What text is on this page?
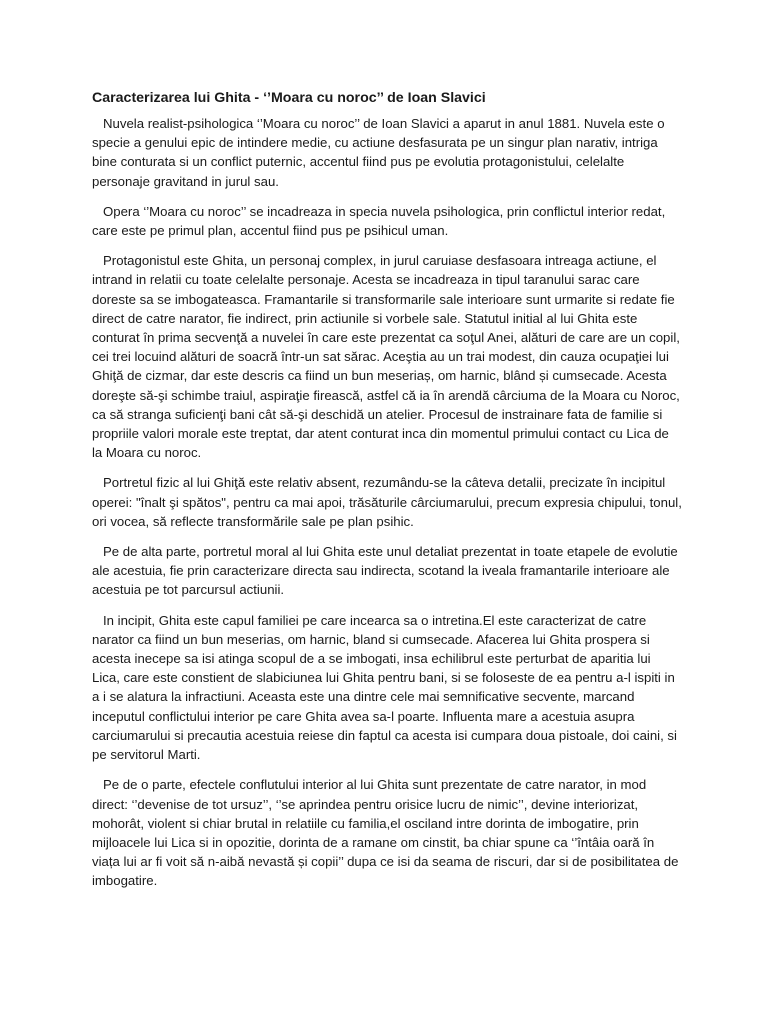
Caracterizarea lui Ghita - ‘’Moara cu noroc’’ de Ioan Slavici
Nuvela realist-psihologica ‘’Moara cu noroc’’ de Ioan Slavici a aparut in anul 1881. Nuvela este o specie a genului epic de intindere medie, cu actiune desfasurata pe un singur plan narativ, intriga bine conturata si un conflict puternic, accentul fiind pus pe evolutia protagonistului, celelalte personaje gravitand in jurul sau.
Opera ‘’Moara cu noroc’’ se incadreaza in specia nuvela psihologica, prin conflictul interior redat,  care este pe primul plan, accentul fiind pus pe psihicul uman.
Protagonistul este Ghita, un personaj complex, in jurul caruiase desfasoara intreaga actiune, el intrand in relatii cu toate celelalte personaje. Acesta se incadreaza in tipul taranului sarac care doreste sa se imbogateasca. Framantarile si transformarile sale interioare sunt urmarite si redate fie direct de catre narator, fie indirect, prin actiunile si vorbele sale. Statutul initial al lui Ghita este conturat în prima secvenţă a nuvelei în care este prezentat ca soţul Anei, alături de care are un copil, cei trei locuind alături de soacră într-un sat sărac. Aceştia au un trai modest, din cauza ocupaţiei lui Ghiţă de cizmar, dar este descris ca fiind un bun meseriaș, om harnic, blând și cumsecade. Acesta doreşte să-şi schimbe traiul, aspiraţie firească, astfel că ia în arendă cârciuma de la Moara cu Noroc, ca să stranga suficienţi bani cât să-şi deschidă un atelier. Procesul de instrainare fata de familie si propriile valori morale este treptat, dar atent conturat inca din momentul primului contact cu Lica de la Moara cu noroc.
Portretul fizic al lui Ghiţă este relativ absent, rezumându-se la câteva detalii, precizate în incipitul operei: "înalt şi spătos", pentru ca mai apoi, trăsăturile cârciumarului, precum expresia chipului, tonul, ori vocea, să reflecte transformările sale pe plan psihic.
Pe de alta parte, portretul moral al lui Ghita este unul detaliat prezentat in toate etapele de evolutie ale acestuia, fie prin caracterizare directa sau indirecta, scotand la iveala framantarile interioare ale acestuia pe tot parcursul actiunii.
In incipit, Ghita este capul familiei pe care incearca sa o intretina.El este caracterizat de catre narator ca fiind un bun meserias, om harnic, bland si cumsecade. Afacerea lui Ghita prospera si acesta inecepe sa isi atinga scopul de a se imbogati, insa echilibrul este perturbat de aparitia lui Lica, care este constient de slabiciunea lui Ghita pentru bani, si se foloseste de ea pentru a-l ispiti in a i se alatura la infractiuni. Aceasta este una dintre cele mai semnificative secvente, marcand inceputul conflictului interior pe care Ghita avea sa-l poarte. Influenta mare a acestuia asupra carciumarului si precautia acestuia reiese din faptul ca acesta isi cumpara doua pistoale, doi caini, si pe servitorul Marti.
Pe de o parte, efectele conflutului interior al lui Ghita sunt prezentate de catre narator, in mod direct: ‘’devenise de tot ursuz’’, ‘’se aprindea pentru orisice lucru de nimic’’, devine interiorizat, mohorât, violent si chiar brutal in relatiile cu familia,el osciland intre dorinta de imbogatire, prin mijloacele lui Lica si in opozitie, dorinta de a ramane om cinstit, ba chiar spune ca ‘’întâia oară în viața lui ar fi voit să n-aibă nevastă și copii’’ dupa ce isi da seama de riscuri, dar si de posibilitatea de imbogatire.
